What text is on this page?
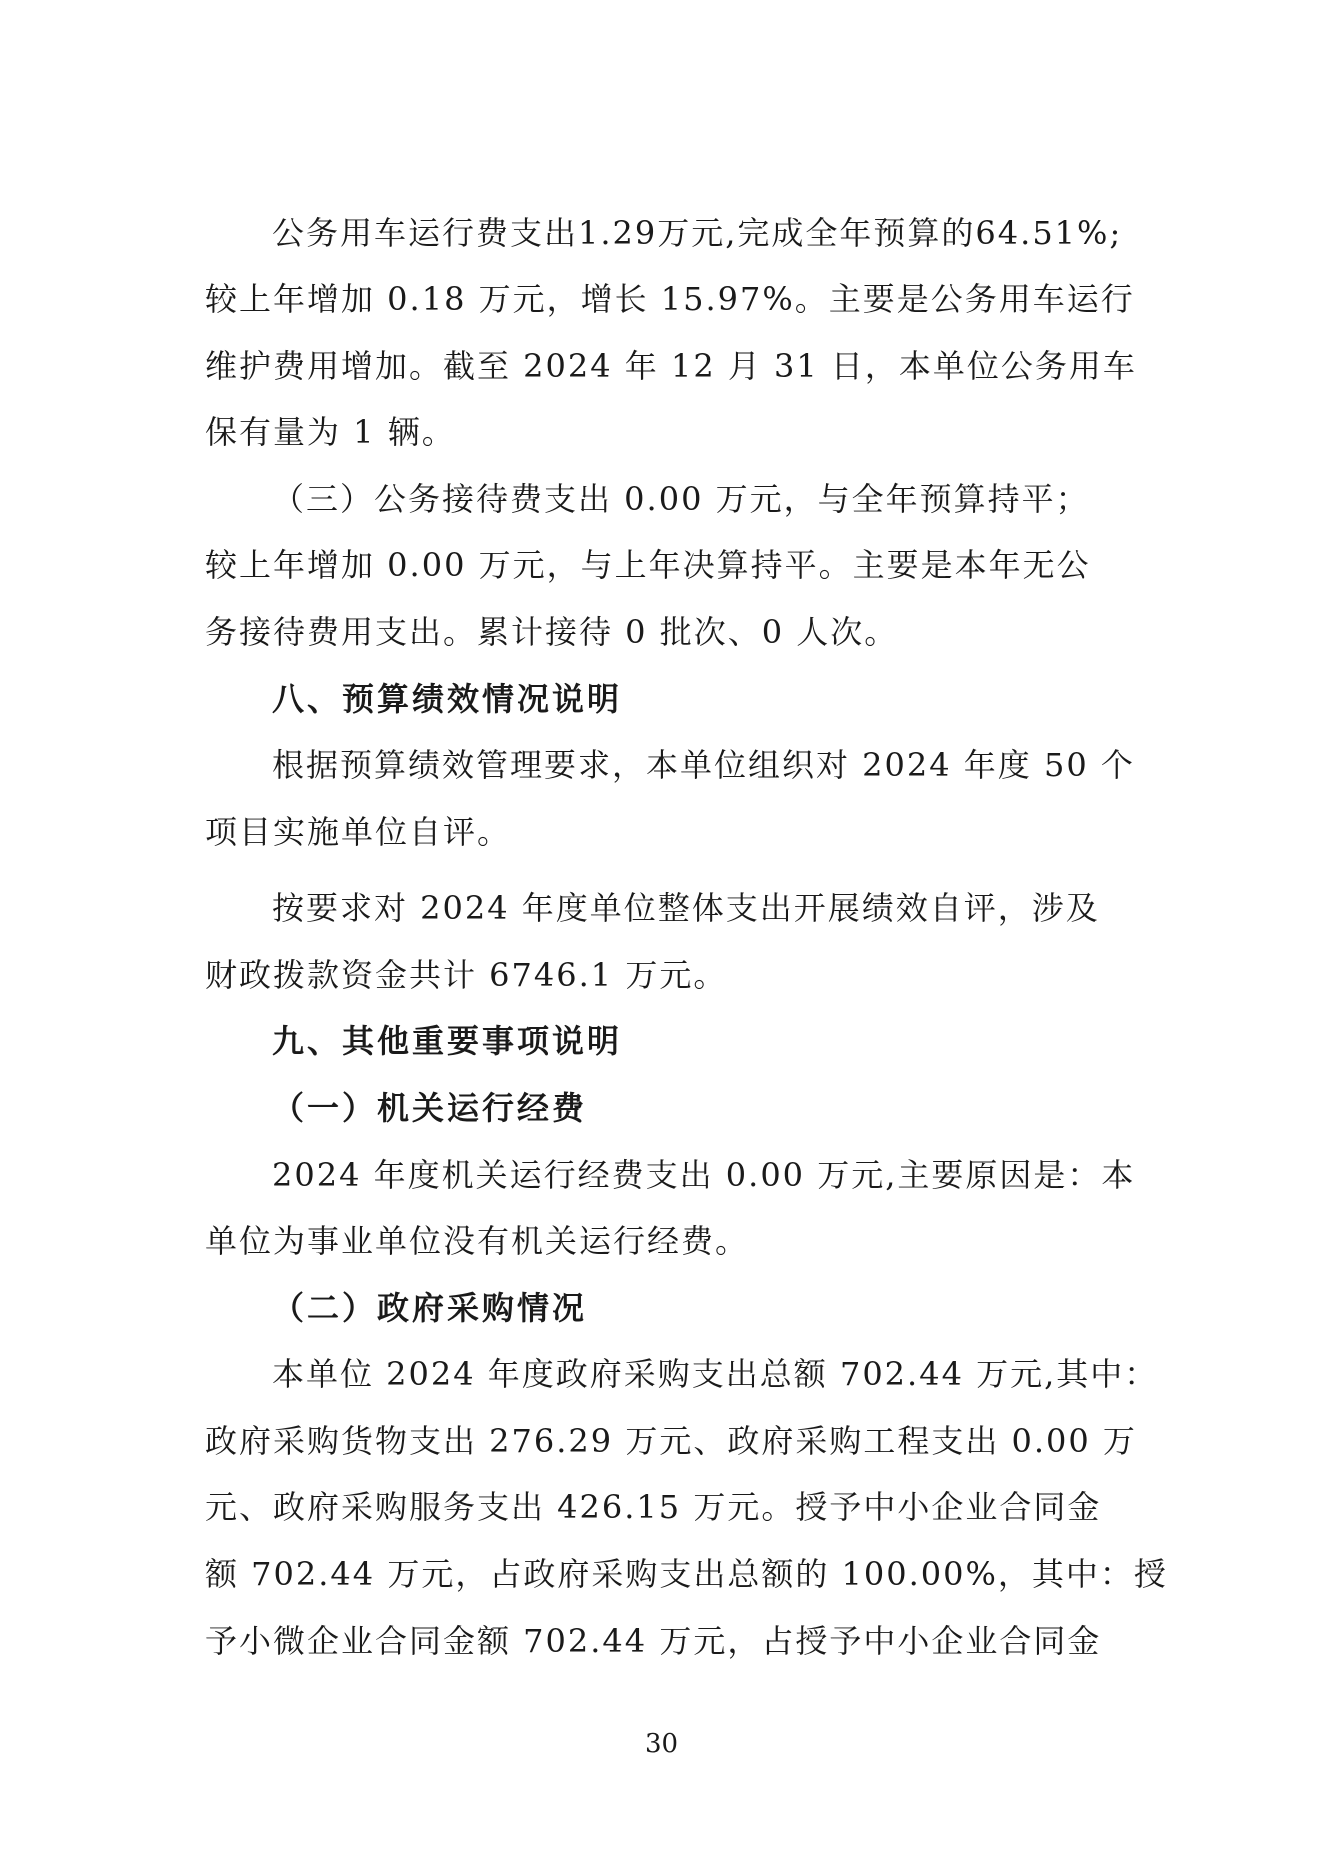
公务用车运行费支出1.29万元,完成全年预算的64.51%;
较上年增加 0.18 万元，增长 15.97%。主要是公务用车运行
维护费用增加。截至 2024 年 12 月 31 日，本单位公务用车
保有量为 1 辆。
（三）公务接待费支出 0.00 万元，与全年预算持平；
较上年增加 0.00 万元，与上年决算持平。主要是本年无公
务接待费用支出。累计接待 0 批次、0 人次。
八、预算绩效情况说明
根据预算绩效管理要求，本单位组织对 2024 年度 50 个
项目实施单位自评。
按要求对 2024 年度单位整体支出开展绩效自评，涉及
财政拨款资金共计 6746.1 万元。
九、其他重要事项说明
（一）机关运行经费
2024 年度机关运行经费支出 0.00 万元,主要原因是：本
单位为事业单位没有机关运行经费。
（二）政府采购情况
本单位 2024 年度政府采购支出总额 702.44 万元,其中：
政府采购货物支出 276.29 万元、政府采购工程支出 0.00 万
元、政府采购服务支出 426.15 万元。授予中小企业合同金
额 702.44 万元，占政府采购支出总额的 100.00%，其中：授
予小微企业合同金额 702.44 万元，占授予中小企业合同金
30
